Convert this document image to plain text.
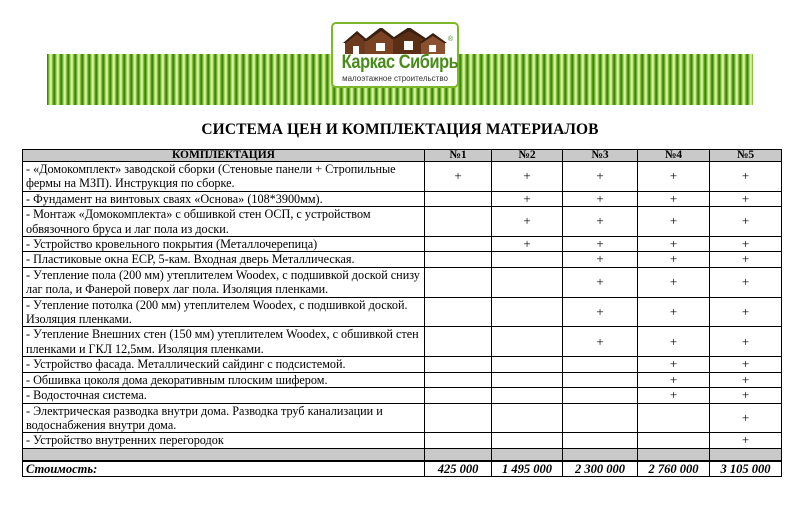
®
Каркас Сибирь
малоэтажное строительство
СИСТЕМА ЦЕН И КОМПЛЕКТАЦИЯ МАТЕРИАЛОВ
КОМПЛЕКТАЦИЯ	№1	№2	№3	№4	№5
- «Домокомплект» заводской сборки (Стеновые панели + Стропильные фермы на МЗП). Инструкция по сборке.	+	+	+	+	+
- Фундамент на винтовых сваях «Основа» (108*3900мм).		+	+	+	+
- Монтаж «Домокомплекта» с обшивкой стен ОСП, с устройством обвязочного бруса и лаг пола из доски.		+	+	+	+
- Устройство кровельного покрытия (Металлочерепица)		+	+	+	+
- Пластиковые окна ECP, 5-кам. Входная дверь Металлическая.			+	+	+
- Утепление пола (200 мм) утеплителем Woodex, с подшивкой доской снизу лаг пола, и Фанерой поверх лаг пола. Изоляция пленками.			+	+	+
- Утепление потолка (200 мм) утеплителем Woodex, с подшивкой доской. Изоляция пленками.			+	+	+
- Утепление Внешних стен (150 мм) утеплителем Woodex, с обшивкой стен пленками и ГКЛ 12,5мм. Изоляция пленками.			+	+	+
- Устройство фасада. Металлический сайдинг с подсистемой.				+	+
- Обшивка цоколя дома декоративным плоским шифером.				+	+
- Водосточная система.				+	+
- Электрическая разводка внутри дома. Разводка труб канализации и водоснабжения внутри дома.					+
- Устройство внутренних перегородок					+

Стоимость:	425 000	1 495 000	2 300 000	2 760 000	3 105 000
